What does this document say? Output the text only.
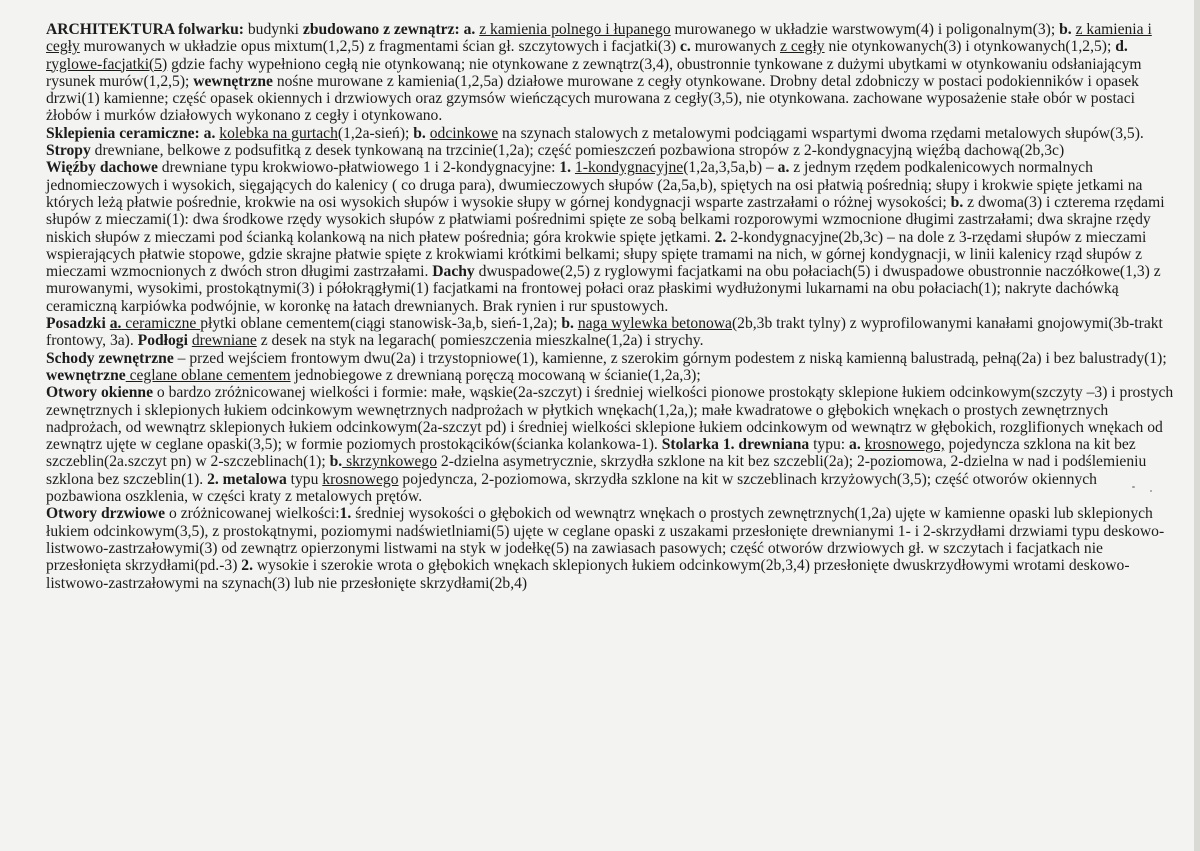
ARCHITEKTURA folwarku: budynki zbudowano z zewnątrz: a. z kamienia polnego i łupanego murowanego w układzie warstwowym(4) i poligonalnym(3); b. z kamienia i cegły murowanych w układzie opus mixtum(1,2,5) z fragmentami ścian gł. szczytowych i facjatki(3) c. murowanych z cegły nie otynkowanych(3) i otynkowanych(1,2,5); d. ryglowe-facjatki(5) gdzie fachy wypełniono cegłą nie otynkowaną; nie otynkowane z zewnątrz(3,4), obustronnie tynkowane z dużymi ubytkami w otynkowaniu odsłaniającym rysunek murów(1,2,5); wewnętrzne nośne murowane z kamienia(1,2,5a) działowe murowane z cegły otynkowane. Drobny detal zdobniczy w postaci podokienników i opasek drzwi(1) kamienne; część opasek okiennych i drzwiowych oraz gzymsów wieńczących murowana z cegły(3,5), nie otynkowana. zachowane wyposażenie stałe obór w postaci żłobów i murków działowych wykonano z cegły i otynkowano.

Sklepienia ceramiczne: a. kolebka na gurtach(1,2a-sień); b. odcinkowe na szynach stalowych z metalowymi podciągami wspartymi dwoma rzędami metalowych słupów(3,5). Stropy drewniane, belkowe z podsufitką z desek tynkowaną na trzcinie(1,2a); część pomieszczeń pozbawiona stropów z 2-kondygnacyjną więźbą dachową(2b,3c)

Więźby dachowe drewniane typu krokwiowo-płatwiowego 1 i 2-kondygnacyjne: 1. 1-kondygnacyjne(1,2a,3,5a,b) – a. z jednym rzędem podkalenicowych normalnych jednomieczowych i wysokich, sięgających do kalenicy ( co druga para), dwumieczowych słupów (2a,5a,b), spiętych na osi płatwią pośrednią; słupy i krokwie spięte jetkami na których leżą płatwie pośrednie, krokwie na osi wysokich słupów i wysokie słupy w górnej kondygnacji wsparte zastrzałami o różnej wysokości; b. z dwoma(3) i czterema rzędami słupów z mieczami(1): dwa środkowe rzędy wysokich słupów z płatwiami pośrednimi spięte ze sobą belkami rozporowymi wzmocnione długimi zastrzałami; dwa skrajne rzędy niskich słupów z mieczami pod ścianką kolankową na nich płatew pośrednia; góra krokwie spięte jętkami. 2. 2-kondygnacyjne(2b,3c) – na dole z 3-rzędami słupów z mieczami wspierających płatwie stopowe, gdzie skrajne płatwie spięte z krokwiami krótkimi belkami; słupy spięte tramami na nich, w górnej kondygnacji, w linii kalenicy rząd słupów z mieczami wzmocnionych z dwóch stron długimi zastrzałami. Dachy dwuspadowe(2,5) z ryglowymi facjatkami na obu połaciach(5) i dwuspadowe obustronnie naczółkowe(1,3) z murowanymi, wysokimi, prostokątnymi(3) i półokrągłymi(1) facjatkami na frontowej połaci oraz płaskimi wydłużonymi lukarnami na obu połaciach(1); nakryte dachówką ceramiczną karpiówka podwójnie, w koronkę na łatach drewnianych. Brak rynien i rur spustowych.

Posadzki a. ceramiczne płytki oblane cementem(ciągi stanowisk-3a,b, sień-1,2a); b. naga wylewka betonowa(2b,3b trakt tylny) z wyprofilowanymi kanałami gnojowymi(3b-trakt frontowy, 3a). Podłogi drewniane z desek na styk na legarach( pomieszczenia mieszkalne(1,2a) i strychy.

Schody zewnętrzne – przed wejściem frontowym dwu(2a) i trzystopniowe(1), kamienne, z szerokim górnym podestem z niską kamienną balustradą, pełną(2a) i bez balustrady(1); wewnętrzne ceglane oblane cementem jednobiegowe z drewnianą poręczą mocowaną w ścianie(1,2a,3);

Otwory okienne o bardzo zróżnicowanej wielkości i formie: małe, wąskie(2a-szczyt) i średniej wielkości pionowe prostokąty sklepione łukiem odcinkowym(szczyty –3) i prostych zewnętrznych i sklepionych łukiem odcinkowym wewnętrznych nadprożach w płytkich wnękach(1,2a,); małe kwadratowe o głębokich wnękach o prostych zewnętrznych nadprożach, od wewnątrz sklepionych łukiem odcinkowym(2a-szczyt pd) i średniej wielkości sklepione łukiem odcinkowym od wewnątrz w głębokich, rozglifionych wnękach od zewnątrz ujęte w ceglane opaski(3,5); w formie poziomych prostokącików(ścianka kolankowa-1). Stolarka 1. drewniana typu: a. krosnowego, pojedyncza szklona na kit bez szczeblin(2a.szczyt pn) w 2-szczeblinach(1); b. skrzynkowego 2-dzielna asymetrycznie, skrzydła szklone na kit bez szczebli(2a); 2-poziomowa, 2-dzielna w nad i podślemieniu szklona bez szczeblin(1). 2. metalowa typu krosnowego pojedyncza, 2-poziomowa, skrzydła szklone na kit w szczeblinach krzyżowych(3,5); część otworów okiennych pozbawiona oszklenia, w części kraty z metalowych prętów.

Otwory drzwiowe o zróżnicowanej wielkości:1. średniej wysokości o głębokich od wewnątrz wnękach o prostych zewnętrznych(1,2a) ujęte w kamienne opaski lub sklepionych łukiem odcinkowym(3,5), z prostokątnymi, poziomymi nadświetlniami(5) ujęte w ceglane opaski z uszakami przesłonięte drewnianymi 1- i 2-skrzydłami drzwiami typu deskowo-listwowo-zastrzałowymi(3) od zewnątrz opierzonymi listwami na styk w jodełkę(5) na zawiasach pasowych; część otworów drzwiowych gł. w szczytach i facjatkach nie przesłonięta skrzydłami(pd.-3) 2. wysokie i szerokie wrota o głębokich wnękach sklepionych łukiem odcinkowym(2b,3,4) przesłonięte dwuskrzydłowymi wrotami deskowo-listwowo-zastrzałowymi na szynach(3) lub nie przesłonięte skrzydłami(2b,4)
